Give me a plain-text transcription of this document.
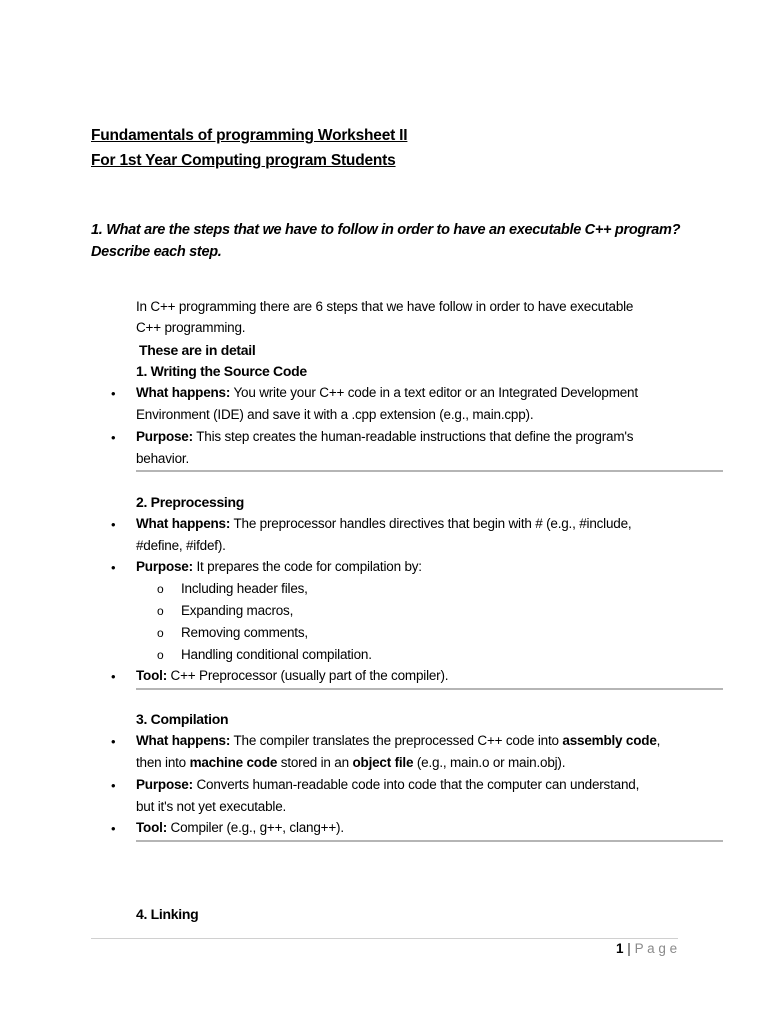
Fundamentals of programming Worksheet II
For 1st Year Computing program Students
1. What are the steps that we have to follow in order to have an executable C++ program?
Describe each step.
In C++ programming there are 6 steps that we have follow in order to have executable
C++ programming.
These are in detail
1. Writing the Source Code
• What happens: You write your C++ code in a text editor or an Integrated Development
Environment (IDE) and save it with a .cpp extension (e.g., main.cpp).
• Purpose: This step creates the human-readable instructions that define the program's
behavior.
2. Preprocessing
• What happens: The preprocessor handles directives that begin with # (e.g., #include,
#define, #ifdef).
• Purpose: It prepares the code for compilation by:
o Including header files,
o Expanding macros,
o Removing comments,
o Handling conditional compilation.
• Tool: C++ Preprocessor (usually part of the compiler).
3. Compilation
• What happens: The compiler translates the preprocessed C++ code into assembly code,
then into machine code stored in an object file (e.g., main.o or main.obj).
• Purpose: Converts human-readable code into code that the computer can understand,
but it's not yet executable.
• Tool: Compiler (e.g., g++, clang++).
4. Linking
1 | P a g e
